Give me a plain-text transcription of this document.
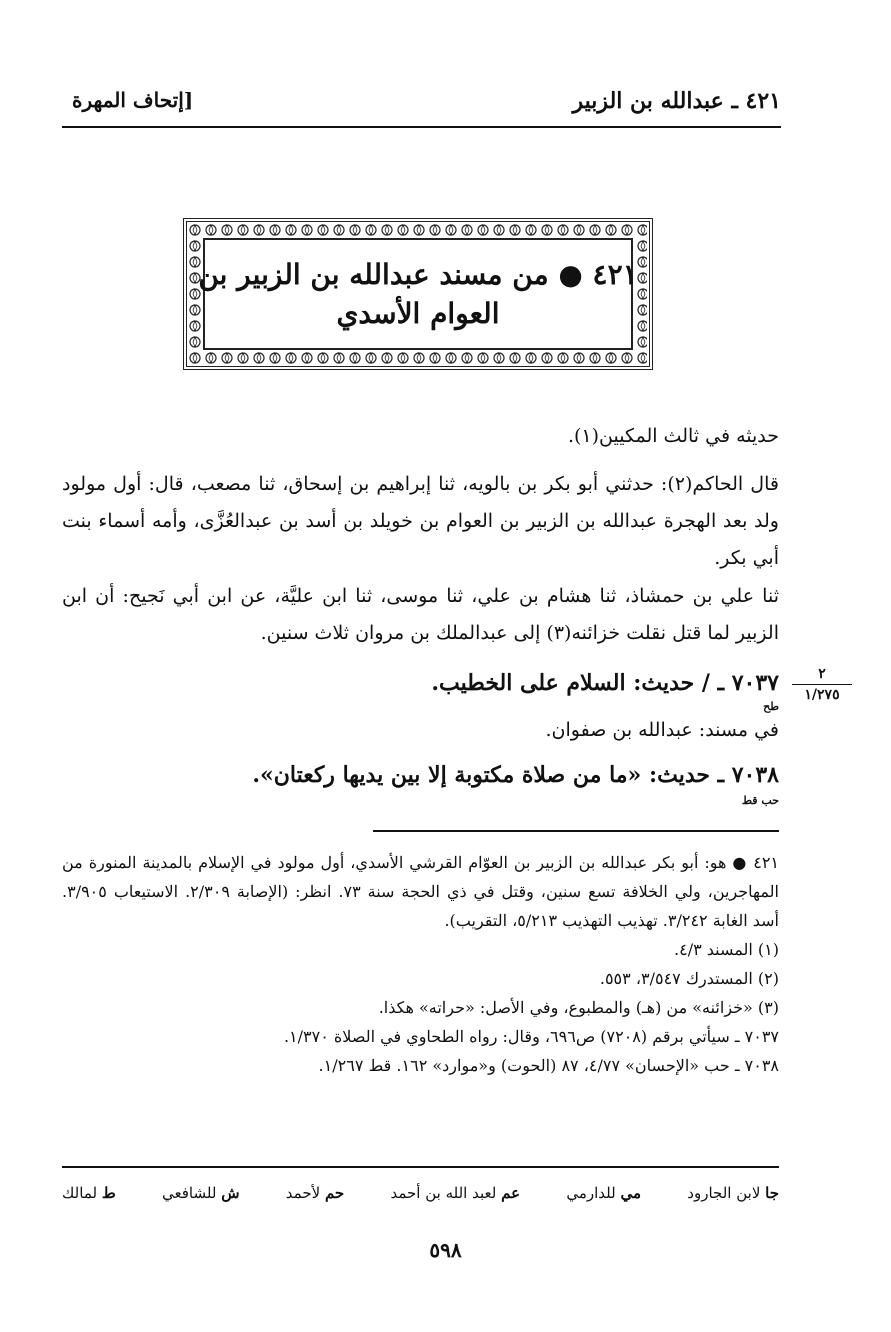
٤٢١ ـ عبدالله بن الزبير
[إتحاف المهرة
٤٢١ ● من مسند عبدالله بن الزبير بن
العوام الأسدي

حديثه في ثالث المكيين(١).

قال الحاكم(٢): حدثني أبو بكر بن بالويه، ثنا إبراهيم بن إسحاق، ثنا مصعب، قال: أول مولود ولد بعد الهجرة عبدالله بن الزبير بن العوام بن خويلد بن أسد بن عبدالعُزَّى، وأمه أسماء بنت أبي بكر.

ثنا علي بن حمشاذ، ثنا هشام بن علي، ثنا موسى، ثنا ابن عليَّة، عن ابن أبي نَجيح: أن ابن الزبير لما قتل نقلت خزائنه(٣) إلى عبدالملك بن مروان ثلاث سنين.

٧٠٣٧ ـ / حديث: السلام على الخطيب.
طح

في مسند: عبدالله بن صفوان.

٧٠٣٨ ـ حديث: «ما من صلاة مكتوبة إلا بين يديها ركعتان».
حب قط
٢
١/٢٧٥

٤٢١ ● هو: أبو بكر عبدالله بن الزبير بن العوّام القرشي الأسدي، أول مولود في الإسلام بالمدينة المنورة من المهاجرين، ولي الخلافة تسع سنين، وقتل في ذي الحجة سنة ٧٣. انظر: (الإصابة ٢/٣٠٩. الاستيعاب ٣/٩٠٥. أسد الغابة ٣/٢٤٢. تهذيب التهذيب ٥/٢١٣، التقريب).

(١) المسند ٤/٣.

(٢) المستدرك ٣/٥٤٧، ٥٥٣.

(٣) «خزائنه» من (هـ) والمطبوع، وفي الأصل: «حراته» هكذا.

٧٠٣٧ ـ سيأتي برقم (٧٢٠٨) ص٦٩٦، وقال: رواه الطحاوي في الصلاة ١/٣٧٠.

٧٠٣٨ ـ حب «الإحسان» ٤/٧٧، ٨٧ (الحوت) و«موارد» ١٦٢. قط ١/٢٦٧.

ط لمالك	ش للشافعي	حم لأحمد	عم لعبد الله بن أحمد	مي للدارمي	جا لابن الجارود
٥٩٨
